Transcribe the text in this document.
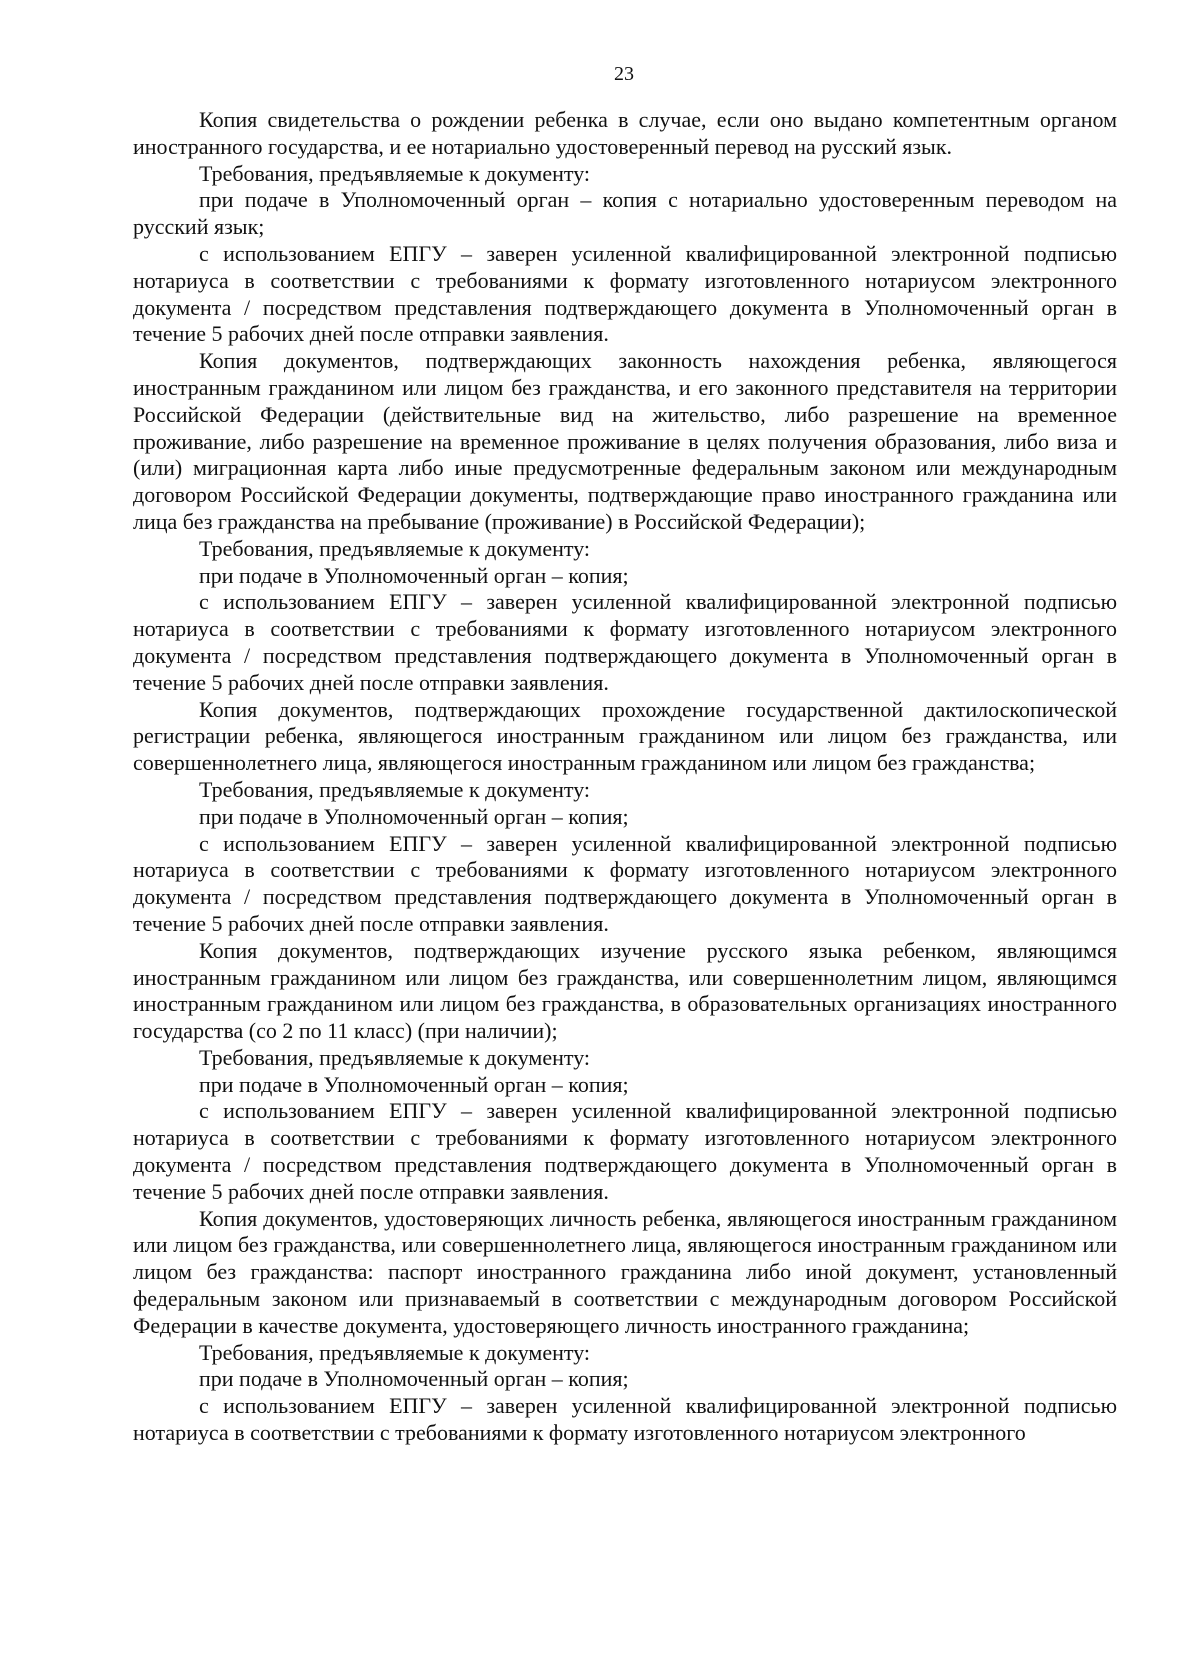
23

Копия свидетельства о рождении ребенка в случае, если оно выдано компетентным органом иностранного государства, и ее нотариально удостоверенный перевод на русский язык.

Требования, предъявляемые к документу:

при подаче в Уполномоченный орган – копия с нотариально удостоверенным переводом на русский язык;

с использованием ЕПГУ – заверен усиленной квалифицированной электронной подписью нотариуса в соответствии с требованиями к формату изготовленного нотариусом электронного документа / посредством представления подтверждающего документа в Уполномоченный орган в течение 5 рабочих дней после отправки заявления.

Копия документов, подтверждающих законность нахождения ребенка, являющегося иностранным гражданином или лицом без гражданства, и его законного представителя на территории Российской Федерации (действительные вид на жительство, либо разрешение на временное проживание, либо разрешение на временное проживание в целях получения образования, либо виза и (или) миграционная карта либо иные предусмотренные федеральным законом или международным договором Российской Федерации документы, подтверждающие право иностранного гражданина или лица без гражданства на пребывание (проживание) в Российской Федерации);

Требования, предъявляемые к документу:

при подаче в Уполномоченный орган – копия;

с использованием ЕПГУ – заверен усиленной квалифицированной электронной подписью нотариуса в соответствии с требованиями к формату изготовленного нотариусом электронного документа / посредством представления подтверждающего документа в Уполномоченный орган в течение 5 рабочих дней после отправки заявления.

Копия документов, подтверждающих прохождение государственной дактилоскопической регистрации ребенка, являющегося иностранным гражданином или лицом без гражданства, или совершеннолетнего лица, являющегося иностранным гражданином или лицом без гражданства;

Требования, предъявляемые к документу:

при подаче в Уполномоченный орган – копия;

с использованием ЕПГУ – заверен усиленной квалифицированной электронной подписью нотариуса в соответствии с требованиями к формату изготовленного нотариусом электронного документа / посредством представления подтверждающего документа в Уполномоченный орган в течение 5 рабочих дней после отправки заявления.

Копия документов, подтверждающих изучение русского языка ребенком, являющимся иностранным гражданином или лицом без гражданства, или совершеннолетним лицом, являющимся иностранным гражданином или лицом без гражданства, в образовательных организациях иностранного государства (со 2 по 11 класс) (при наличии);

Требования, предъявляемые к документу:

при подаче в Уполномоченный орган – копия;

с использованием ЕПГУ – заверен усиленной квалифицированной электронной подписью нотариуса в соответствии с требованиями к формату изготовленного нотариусом электронного документа / посредством представления подтверждающего документа в Уполномоченный орган в течение 5 рабочих дней после отправки заявления.

Копия документов, удостоверяющих личность ребенка, являющегося иностранным гражданином или лицом без гражданства, или совершеннолетнего лица, являющегося иностранным гражданином или лицом без гражданства: паспорт иностранного гражданина либо иной документ, установленный федеральным законом или признаваемый в соответствии с международным договором Российской Федерации в качестве документа, удостоверяющего личность иностранного гражданина;

Требования, предъявляемые к документу:

при подаче в Уполномоченный орган – копия;

с использованием ЕПГУ – заверен усиленной квалифицированной электронной подписью нотариуса в соответствии с требованиями к формату изготовленного нотариусом электронного
